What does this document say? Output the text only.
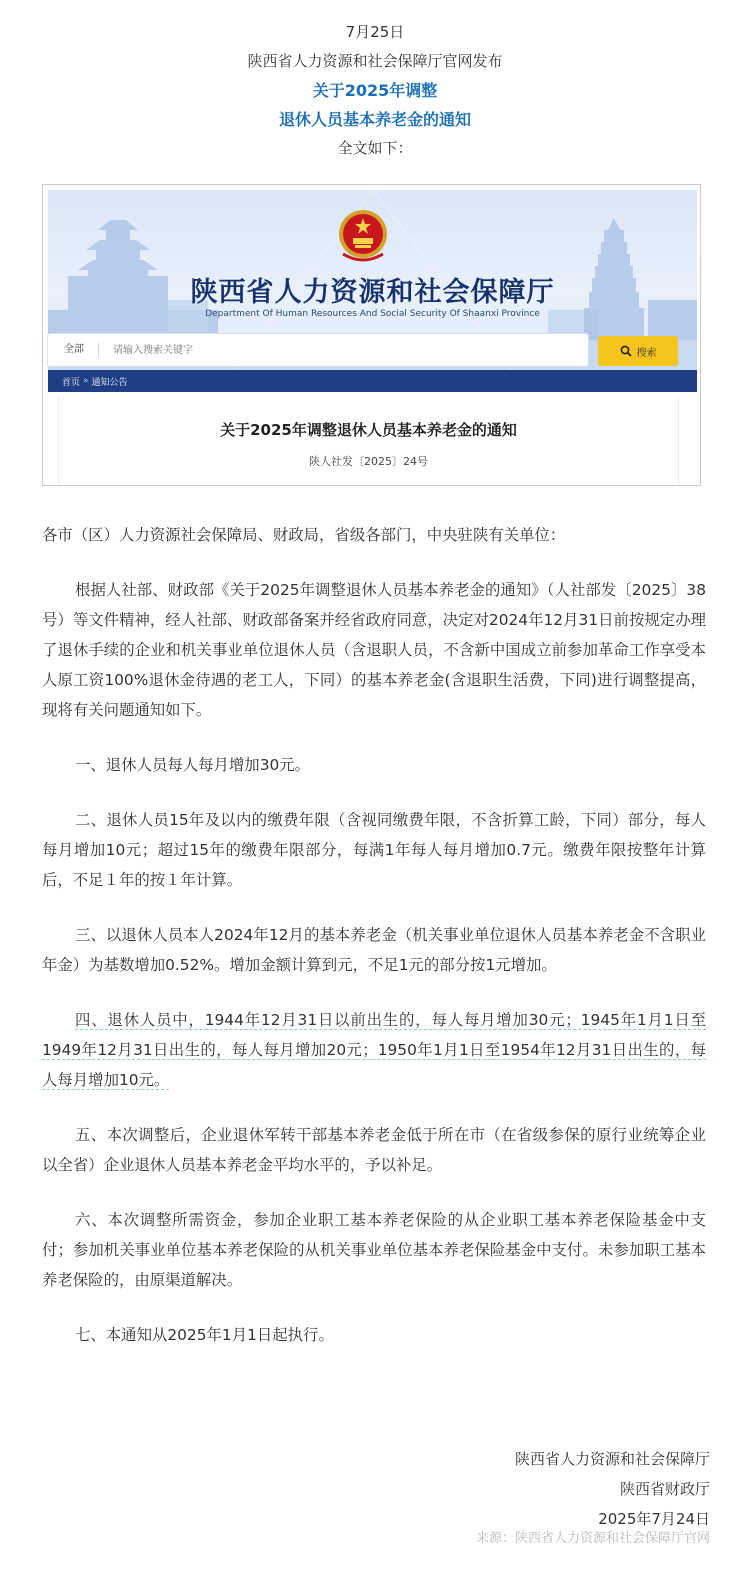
7月25日
陕西省人力资源和社会保障厅官网发布
关于2025年调整
退休人员基本养老金的通知
全文如下：
陕西省人力资源和社会保障厅
Department Of Human Resources And Social Security Of Shaanxi Province
全部
请输入搜索关键字	搜索
首页 » 通知公告
关于2025年调整退休人员基本养老金的通知
陕人社发〔2025〕24号

各市（区）人力资源社会保障局、财政局，省级各部门，中央驻陕有关单位：

根据人社部、财政部《关于2025年调整退休人员基本养老金的通知》（人社部发〔2025〕38号）等文件精神，经人社部、财政部备案并经省政府同意，决定对2024年12月31日前按规定办理了退休手续的企业和机关事业单位退休人员（含退职人员，不含新中国成立前参加革命工作享受本人原工资100%退休金待遇的老工人，下同）的基本养老金(含退职生活费，下同)进行调整提高，现将有关问题通知如下。

一、退休人员每人每月增加30元。

二、退休人员15年及以内的缴费年限（含视同缴费年限，不含折算工龄，下同）部分，每人每月增加10元；超过15年的缴费年限部分，每满1年每人每月增加0.7元。缴费年限按整年计算后，不足１年的按１年计算。

三、以退休人员本人2024年12月的基本养老金（机关事业单位退休人员基本养老金不含职业年金）为基数增加0.52%。增加金额计算到元，不足1元的部分按1元增加。

四、退休人员中，1944年12月31日以前出生的，每人每月增加30元；1945年1月1日至1949年12月31日出生的，每人每月增加20元；1950年1月1日至1954年12月31日出生的，每人每月增加10元。

五、本次调整后，企业退休军转干部基本养老金低于所在市（在省级参保的原行业统筹企业以全省）企业退休人员基本养老金平均水平的，予以补足。

六、本次调整所需资金，参加企业职工基本养老保险的从企业职工基本养老保险基金中支付；参加机关事业单位基本养老保险的从机关事业单位基本养老保险基金中支付。未参加职工基本养老保险的，由原渠道解决。

七、本通知从2025年1月1日起执行。

陕西省人力资源和社会保障厅
陕西省财政厅
2025年7月24日
来源：陕西省人力资源和社会保障厅官网
